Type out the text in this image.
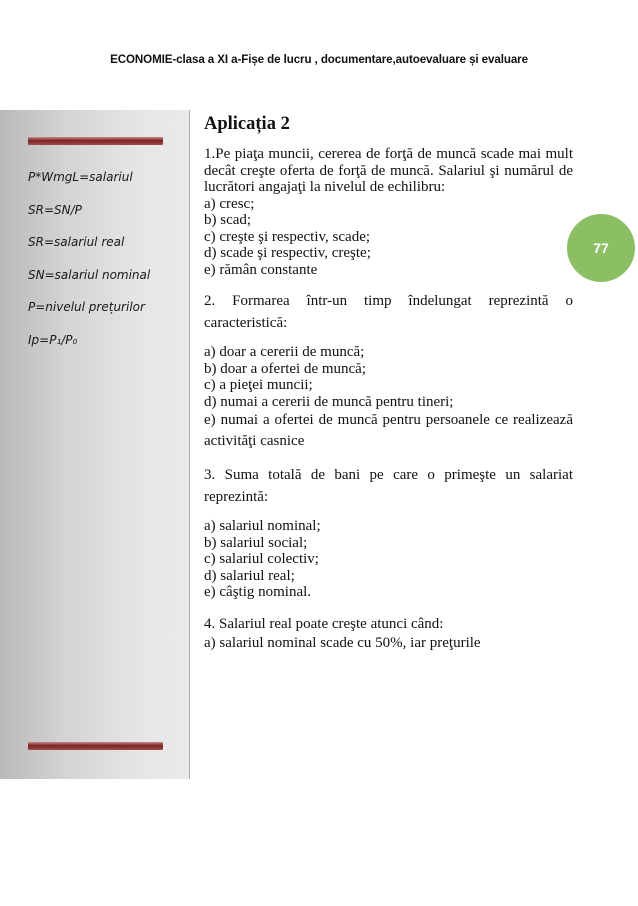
ECONOMIE-clasa a XI a-Fișe de lucru , documentare,autoevaluare și evaluare
P*WmgL=salariul
SR=SN/P
SR=salariul real
SN=salariul nominal
P=nivelul prețurilor
Ip=P₁/P₀
77
Aplicația 2

1.Pe piaţa muncii, cererea de forţă de muncă scade mai mult decât creşte oferta de forţă de muncă. Salariul şi numărul de lucrători angajaţi la nivelul de echilibru:

a) cresc;

b) scad;

c) creşte şi respectiv, scade;

d) scade şi respectiv, creşte;

e) rămân constante

2. Formarea într-un timp îndelungat reprezintă o caracteristică:

a) doar a cererii de muncă;

b) doar a ofertei de muncă;

c) a pieţei muncii;

d) numai a cererii de muncă pentru tineri;

e) numai a ofertei de muncă pentru persoanele ce realizează activităţi casnice

3. Suma totală de bani pe care o primeşte un salariat reprezintă:

a) salariul nominal;

b) salariul social;

c) salariul colectiv;

d) salariul real;

e) câştig nominal.

4. Salariul real poate creşte atunci când:

a) salariul nominal scade cu 50%, iar preţurile
